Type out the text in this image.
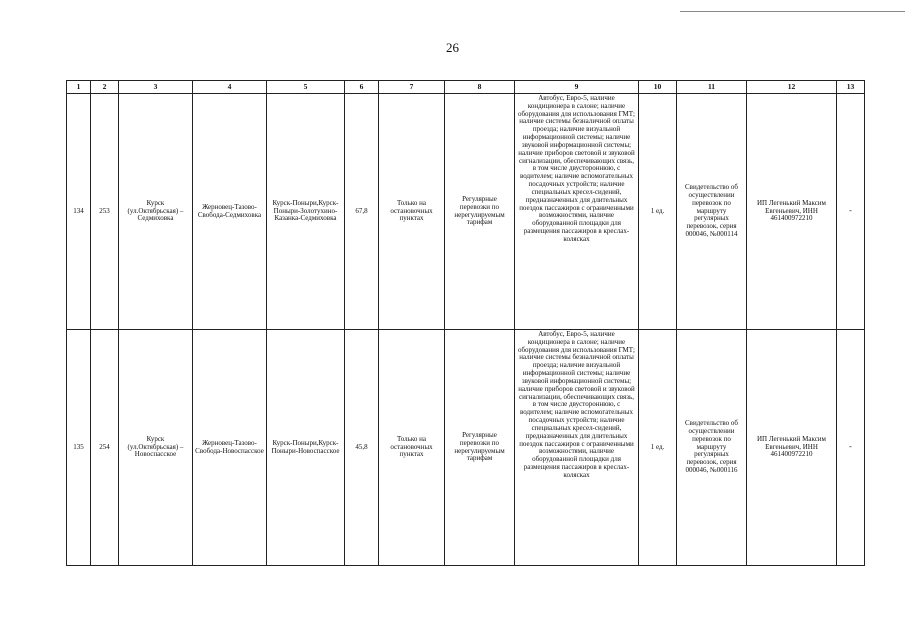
26
1	2	3	4	5	6	7	8	9	10	11	12	13
134	253	Курск (ул.Октябрьская) – Седмиховка	Жерновец-Тазово-Свобода-Седмиховка	Курск-Поныри,Курск-Поныри-Золотухино-Казанка-Седмиховка	67,8	Только на остановочных пунктах	Регулярные перевозки по нерегулируемым тарифам	Автобус, Евро-5, наличие кондиционера в салоне; наличие оборудования для использования ГМТ; наличие системы безналичной оплаты проезда; наличие визуальной информационной системы; наличие звуковой информационной системы; наличие приборов световой и звуковой сигнализации, обеспечивающих связь, в том числе двустороннюю, с водителем; наличие вспомогательных посадочных устройств; наличие специальных кресел-сидений, предназначенных для длительных поездок пассажиров с ограниченными возможностями, наличие оборудованной площадки для размещения пассажиров в креслах-колясках	1 ед.	Свидетельство об осуществлении перевозок по маршруту регулярных перевозок, серия 000046, №000114	ИП Легенький Максим Евгеньевич, ИНН 461400972210	-
135	254	Курск (ул.Октябрьская) – Новоспасское	Жерновец-Тазово-Свобода-Новоспасское	Курск-Поныри,Курск-Поныри-Новоспасское	45,8	Только на остановочных пунктах	Регулярные перевозки по нерегулируемым тарифам	Автобус, Евро-5, наличие кондиционера в салоне; наличие оборудования для использования ГМТ; наличие системы безналичной оплаты проезда; наличие визуальной информационной системы; наличие звуковой информационной системы; наличие приборов световой и звуковой сигнализации, обеспечивающих связь, в том числе двустороннюю, с водителем; наличие вспомогательных посадочных устройств; наличие специальных кресел-сидений, предназначенных для длительных поездок пассажиров с ограниченными возможностями, наличие оборудованной площадки для размещения пассажиров в креслах-колясках	1 ед.	Свидетельство об осуществлении перевозок по маршруту регулярных перевозок, серия 000046, №000116	ИП Легенький Максим Евгеньевич, ИНН 461400972210	-
